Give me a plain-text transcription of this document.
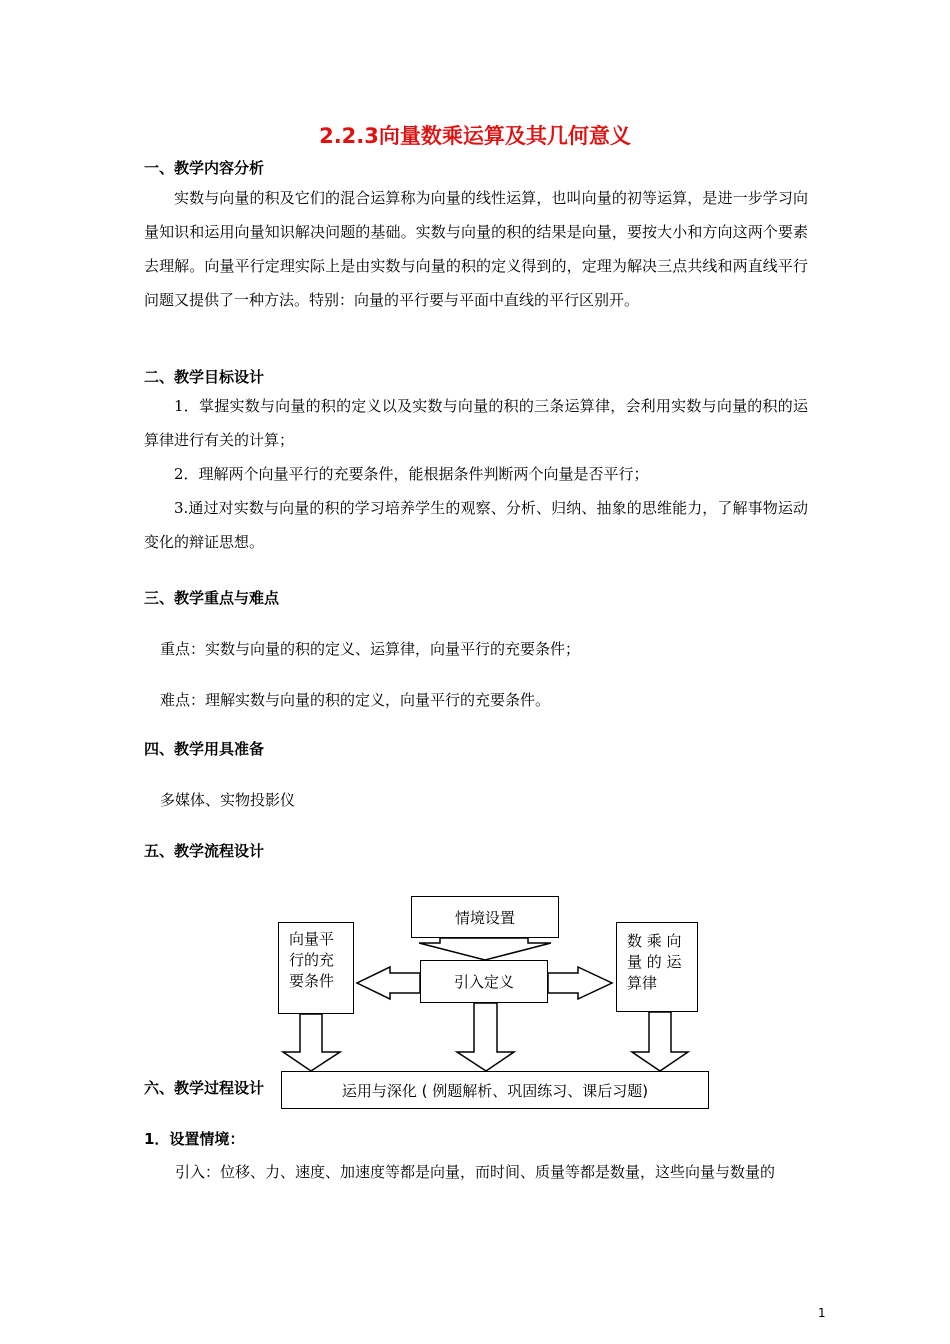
2.2.3向量数乘运算及其几何意义
一、教学内容分析
实数与向量的积及它们的混合运算称为向量的线性运算，也叫向量的初等运算，是进一步学习向量知识和运用向量知识解决问题的基础。实数与向量的积的结果是向量，要按大小和方向这两个要素去理解。向量平行定理实际上是由实数与向量的积的定义得到的，定理为解决三点共线和两直线平行问题又提供了一种方法。特别：向量的平行要与平面中直线的平行区别开。
二、教学目标设计
1．掌握实数与向量的积的定义以及实数与向量的积的三条运算律，会利用实数与向量的积的运算律进行有关的计算；
2．理解两个向量平行的充要条件，能根据条件判断两个向量是否平行；
3.通过对实数与向量的积的学习培养学生的观察、分析、归纳、抽象的思维能力，了解事物运动变化的辩证思想。
三、教学重点与难点
重点：实数与向量的积的定义、运算律，向量平行的充要条件；
难点：理解实数与向量的积的定义，向量平行的充要条件。
四、教学用具准备
多媒体、实物投影仪
五、教学流程设计
情境设置
引入定义
向量平
行的充
要条件
数 乘 向
量 的 运
算律
运用与深化 ( 例题解析、巩固练习、课后习题)
六、教学过程设计
1．设置情境：
引入：位移、力、速度、加速度等都是向量，而时间、质量等都是数量，这些向量与数量的
1
